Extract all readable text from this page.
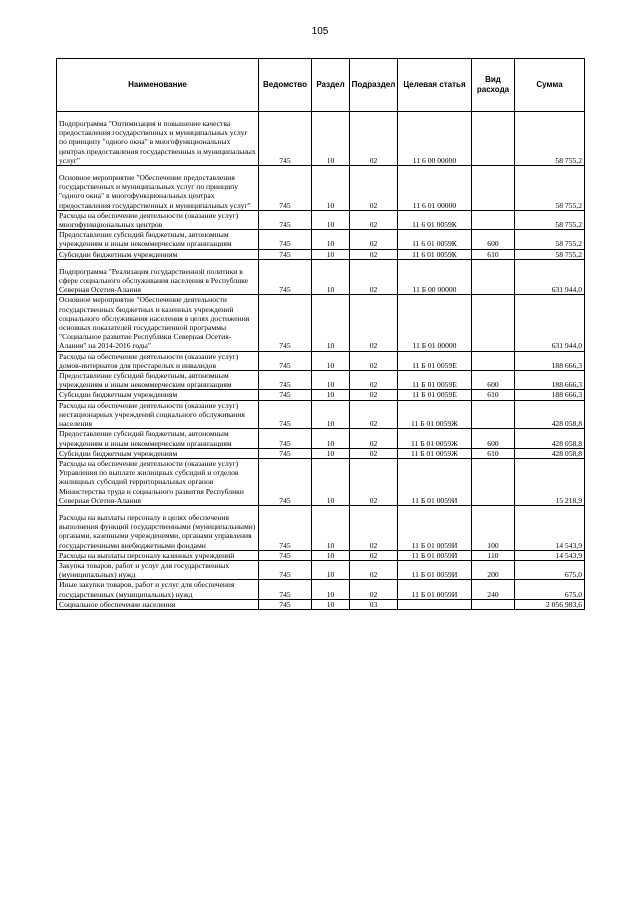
105
Наименование	Ведомство	Раздел	Подраздел	Целевая статья	Вид расхода	Сумма
Подпрограмма "Оптимизация и повышение качества предоставления государственных и муниципальных услуг по принципу "одного окна" в многофункциональных центрах предоставления государственных и муниципальных услуг"	745	10	02	11 6 00 00000		58 755,2
Основное мероприятие "Обеспечение предоставления государственных и муниципальных услуг по принципу "одного окна" в многофункциональных центрах предоставления государственных и муниципальных услуг"	745	10	02	11 6 01 00000		58 755,2
Расходы на обеспечение деятельности (оказание услуг) многофункциональных центров	745	10	02	11 6 01 0059К		58 755,2
Предоставление субсидий бюджетным, автономным учреждениям и иным некоммерческим организациям	745	10	02	11 6 01 0059К	600	58 755,2
Субсидии бюджетным учреждениям	745	10	02	11 6 01 0059К	610	58 755,2
Подпрограмма "Реализация государственной политики в сфере социального обслуживания населения в Республике Северная Осетия-Алания	745	10	02	11 Б 00 00000		631 944,0
Основное мероприятие "Обеспечение деятельности государственных бюджетных и казенных учреждений социального обслуживания населения в целях достижения основных показателей государственной программы "Социальное развитие Республики Северная Осетия-Алания" на 2014-2016 годы"	745	10	02	11 Б 01 00000		631 944,0
Расходы на обеспечение деятельности (оказание услуг) домов-интернатов для престарелых и инвалидов	745	10	02	11 Б 01 0059Е		188 666,3
Предоставление субсидий бюджетным, автономным учреждениям и иным некоммерческим организациям	745	10	02	11 Б 01 0059Е	600	188 666,3
Субсидии бюджетным учреждениям	745	10	02	11 Б 01 0059Е	610	188 666,3
Расходы на обеспечение деятельности (оказание услуг) нестационарных учреждений социального обслуживания населения	745	10	02	11 Б 01 0059Ж		428 058,8
Предоставление субсидий бюджетным, автономным учреждениям и иным некоммерческим организациям	745	10	02	11 Б 01 0059Ж	600	428 058,8
Субсидии бюджетным учреждениям	745	10	02	11 Б 01 0059Ж	610	428 058,8
Расходы на обеспечение деятельности (оказание услуг) Управления по выплате жилищных субсидий и отделов жилищных субсидий территориальных органов Министерства труда и социального развития Республики Северная Осетия-Алания	745	10	02	11 Б 01 0059И		15 218,9
Расходы на выплаты персоналу в целях обеспечения выполнения функций государственными (муниципальными) органами, казенными учреждениями, органами управления государственными внебюджетными фондами	745	10	02	11 Б 01 0059И	100	14 543,9
Расходы на выплаты персоналу казенных учреждений	745	10	02	11 Б 01 0059И	110	14 543,9
Закупка товаров, работ и услуг для государственных (муниципальных) нужд	745	10	02	11 Б 01 0059И	200	675,0
Иные закупки товаров, работ и услуг для обеспечения государственных (муниципальных) нужд	745	10	02	11 Б 01 0059И	240	675,0
Социальное обеспечение населения	745	10	03			2 056 983,6
